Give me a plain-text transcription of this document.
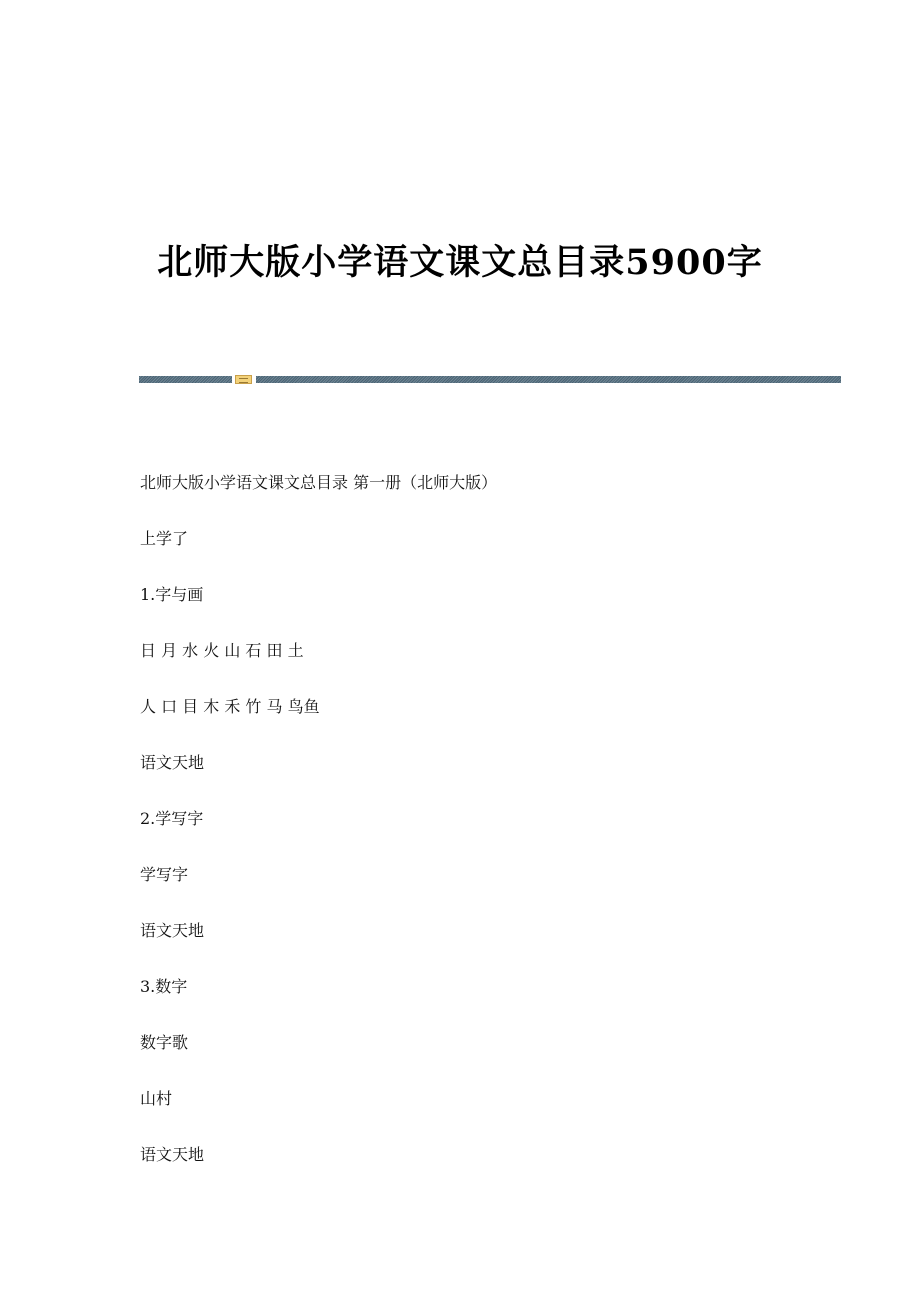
北师大版小学语文课文总目录5900字
北师大版小学语文课文总目录 第一册（北师大版）
上学了
1.字与画
日 月 水 火 山 石 田 土
人 口 目 木 禾 竹 马 鸟鱼
语文天地
2.学写字
学写字
语文天地
3.数字
数字歌
山村
语文天地
